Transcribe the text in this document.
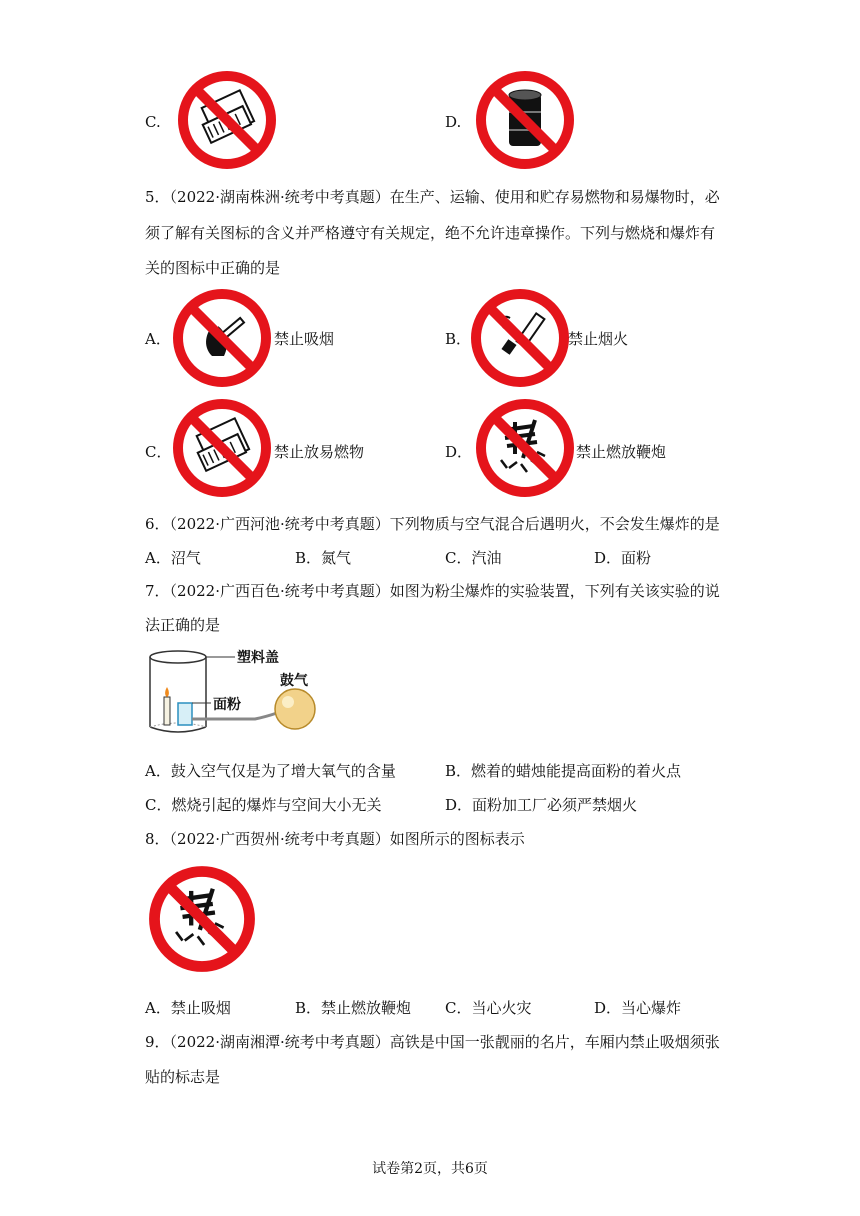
C.	D.
5．（2022·湖南株洲·统考中考真题）在生产、运输、使用和贮存易燃物和易爆物时，必
须了解有关图标的含义并严格遵守有关规定，绝不允许违章操作。下列与燃烧和爆炸有
关的图标中正确的是
A．	禁止吸烟	B．	禁止烟火
C．	禁止放易燃物	D．	禁止燃放鞭炮
6．（2022·广西河池·统考中考真题）下列物质与空气混合后遇明火，不会发生爆炸的是
A．沼气	B．氮气	C．汽油	D．面粉
7．（2022·广西百色·统考中考真题）如图为粉尘爆炸的实验装置，下列有关该实验的说
法正确的是
塑料盖
面粉
鼓气
A．鼓入空气仅是为了增大氧气的含量	B．燃着的蜡烛能提高面粉的着火点
C．燃烧引起的爆炸与空间大小无关	D．面粉加工厂必须严禁烟火
8．（2022·广西贺州·统考中考真题）如图所示的图标表示
A．禁止吸烟	B．禁止燃放鞭炮 C．当心火灾	D．当心爆炸
9．（2022·湖南湘潭·统考中考真题）高铁是中国一张靓丽的名片，车厢内禁止吸烟须张
贴的标志是
试卷第2页，共6页
